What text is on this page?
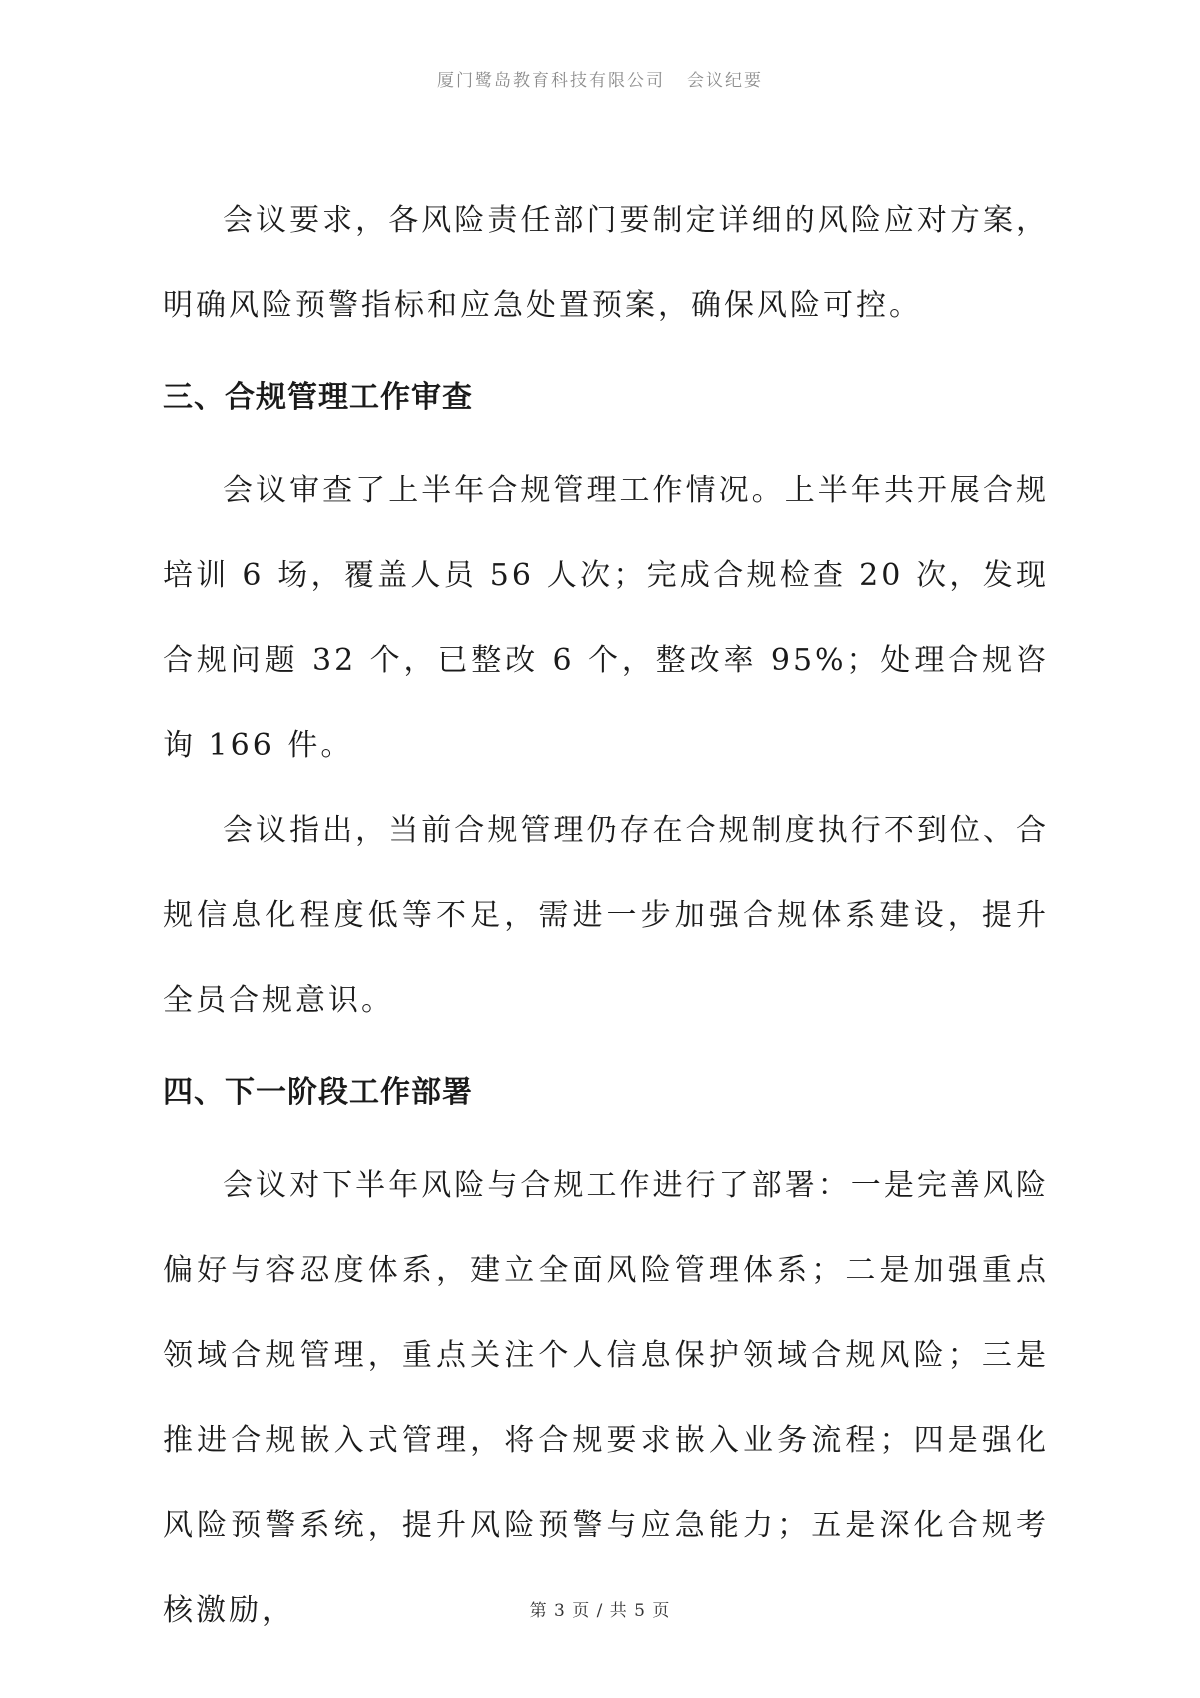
厦门鹭岛教育科技有限公司 会议纪要

会议要求，各风险责任部门要制定详细的风险应对方案，明确风险预警指标和应急处置预案，确保风险可控。

三、合规管理工作审查

会议审查了上半年合规管理工作情况。上半年共开展合规培训 6 场，覆盖人员 56 人次；完成合规检查 20 次，发现合规问题 32 个，已整改 6 个，整改率 95%；处理合规咨询 166 件。

会议指出，当前合规管理仍存在合规制度执行不到位、合规信息化程度低等不足，需进一步加强合规体系建设，提升全员合规意识。

四、下一阶段工作部署

会议对下半年风险与合规工作进行了部署：一是完善风险偏好与容忍度体系，建立全面风险管理体系；二是加强重点领域合规管理，重点关注个人信息保护领域合规风险；三是推进合规嵌入式管理，将合规要求嵌入业务流程；四是强化风险预警系统，提升风险预警与应急能力；五是深化合规考核激励，	第 3 页 / 共 5 页
